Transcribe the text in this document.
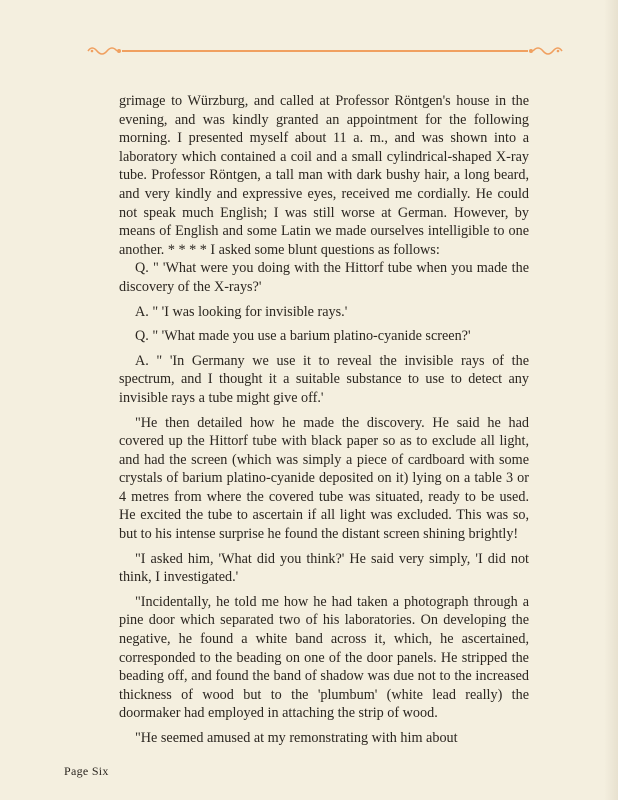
grimage to Würzburg, and called at Professor Röntgen's house in the evening, and was kindly granted an appointment for the following morning. I presented myself about 11 a. m., and was shown into a laboratory which contained a coil and a small cylindrical-shaped X-ray tube. Professor Röntgen, a tall man with dark bushy hair, a long beard, and very kindly and expressive eyes, received me cordially. He could not speak much English; I was still worse at German. However, by means of English and some Latin we made ourselves intelligible to one another. * * * * I asked some blunt questions as follows:

Q. " 'What were you doing with the Hittorf tube when you made the discovery of the X-rays?'

A. " 'I was looking for invisible rays.'

Q. " 'What made you use a barium platino-cyanide screen?'

A. " 'In Germany we use it to reveal the invisible rays of the spectrum, and I thought it a suitable substance to use to detect any invisible rays a tube might give off.'

"He then detailed how he made the discovery. He said he had covered up the Hittorf tube with black paper so as to exclude all light, and had the screen (which was simply a piece of cardboard with some crystals of barium platino-cyanide deposited on it) lying on a table 3 or 4 metres from where the covered tube was situated, ready to be used. He excited the tube to ascertain if all light was excluded. This was so, but to his intense surprise he found the distant screen shining brightly!

"I asked him, 'What did you think?' He said very simply, 'I did not think, I investigated.'

"Incidentally, he told me how he had taken a photograph through a pine door which separated two of his laboratories. On developing the negative, he found a white band across it, which, he ascertained, corresponded to the beading on one of the door panels. He stripped the beading off, and found the band of shadow was due not to the increased thickness of wood but to the 'plumbum' (white lead really) the doormaker had employed in attaching the strip of wood.

"He seemed amused at my remonstrating with him about

Page Six
